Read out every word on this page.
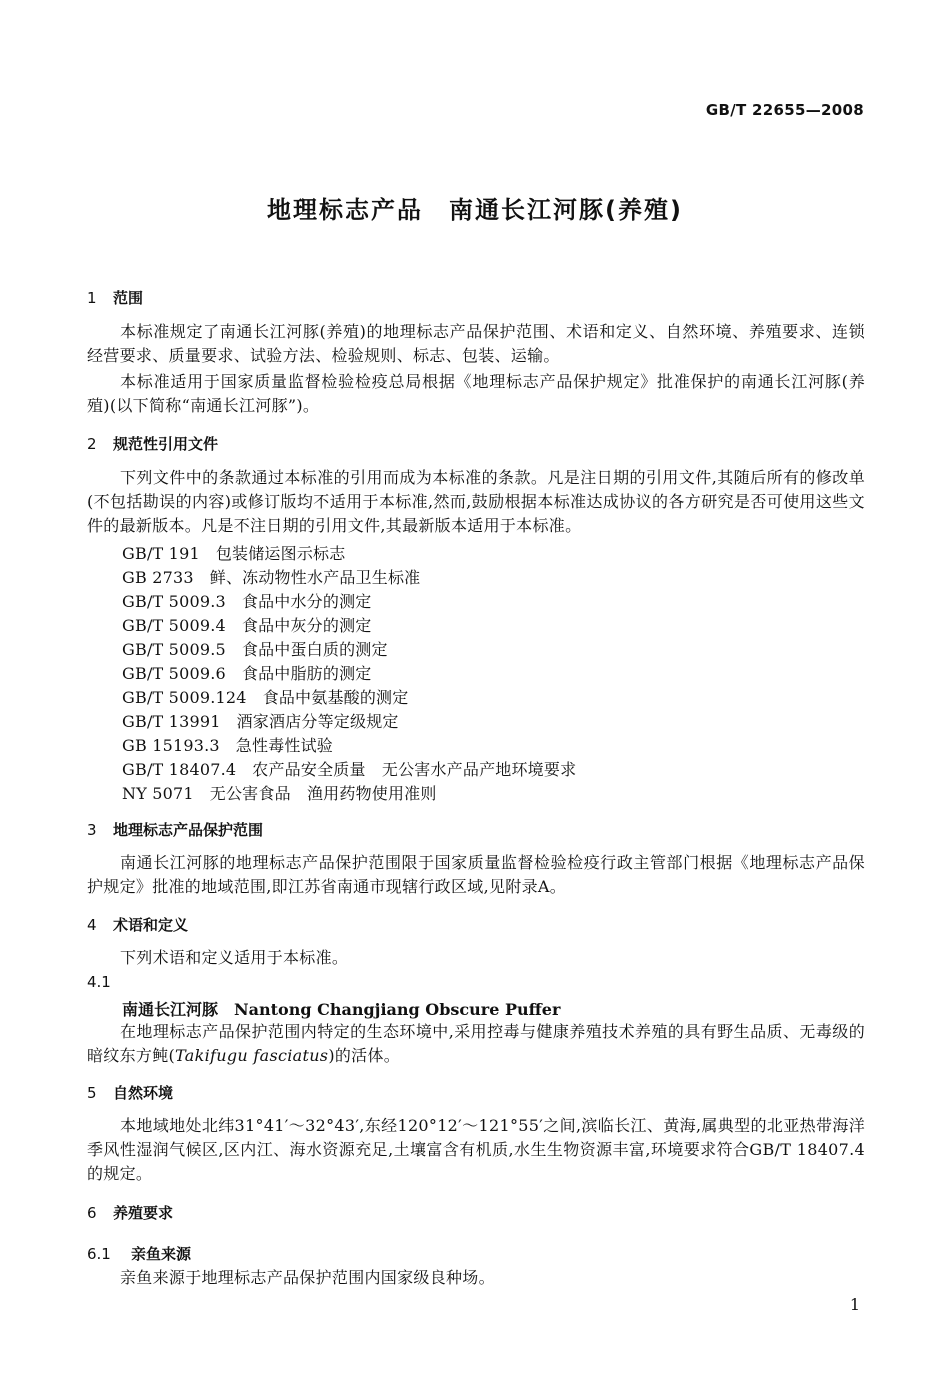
GB/T 22655—2008
地理标志产品　南通长江河豚(养殖)
1 范围
本标准规定了南通长江河豚(养殖)的地理标志产品保护范围、术语和定义、自然环境、养殖要求、连锁经营要求、质量要求、试验方法、检验规则、标志、包装、运输。
本标准适用于国家质量监督检验检疫总局根据《地理标志产品保护规定》批准保护的南通长江河豚(养殖)(以下简称“南通长江河豚”)。
2 规范性引用文件
下列文件中的条款通过本标准的引用而成为本标准的条款。凡是注日期的引用文件,其随后所有的修改单(不包括勘误的内容)或修订版均不适用于本标准,然而,鼓励根据本标准达成协议的各方研究是否可使用这些文件的最新版本。凡是不注日期的引用文件,其最新版本适用于本标准。
GB/T 191 包装储运图示标志
GB 2733 鲜、冻动物性水产品卫生标准
GB/T 5009.3 食品中水分的测定
GB/T 5009.4 食品中灰分的测定
GB/T 5009.5 食品中蛋白质的测定
GB/T 5009.6 食品中脂肪的测定
GB/T 5009.124 食品中氨基酸的测定
GB/T 13991 酒家酒店分等定级规定
GB 15193.3 急性毒性试验
GB/T 18407.4 农产品安全质量　无公害水产品产地环境要求
NY 5071 无公害食品　渔用药物使用准则
3 地理标志产品保护范围
南通长江河豚的地理标志产品保护范围限于国家质量监督检验检疫行政主管部门根据《地理标志产品保护规定》批准的地域范围,即江苏省南通市现辖行政区域,见附录A。
4 术语和定义
下列术语和定义适用于本标准。
4.1
南通长江河豚 Nantong Changjiang Obscure Puffer
在地理标志产品保护范围内特定的生态环境中,采用控毒与健康养殖技术养殖的具有野生品质、无毒级的暗纹东方鲀(Takifugu fasciatus)的活体。
5 自然环境
本地域地处北纬31°41′～32°43′,东经120°12′～121°55′之间,滨临长江、黄海,属典型的北亚热带海洋季风性湿润气候区,区内江、海水资源充足,土壤富含有机质,水生生物资源丰富,环境要求符合GB/T 18407.4的规定。
6 养殖要求
6.1 亲鱼来源
亲鱼来源于地理标志产品保护范围内国家级良种场。
1
